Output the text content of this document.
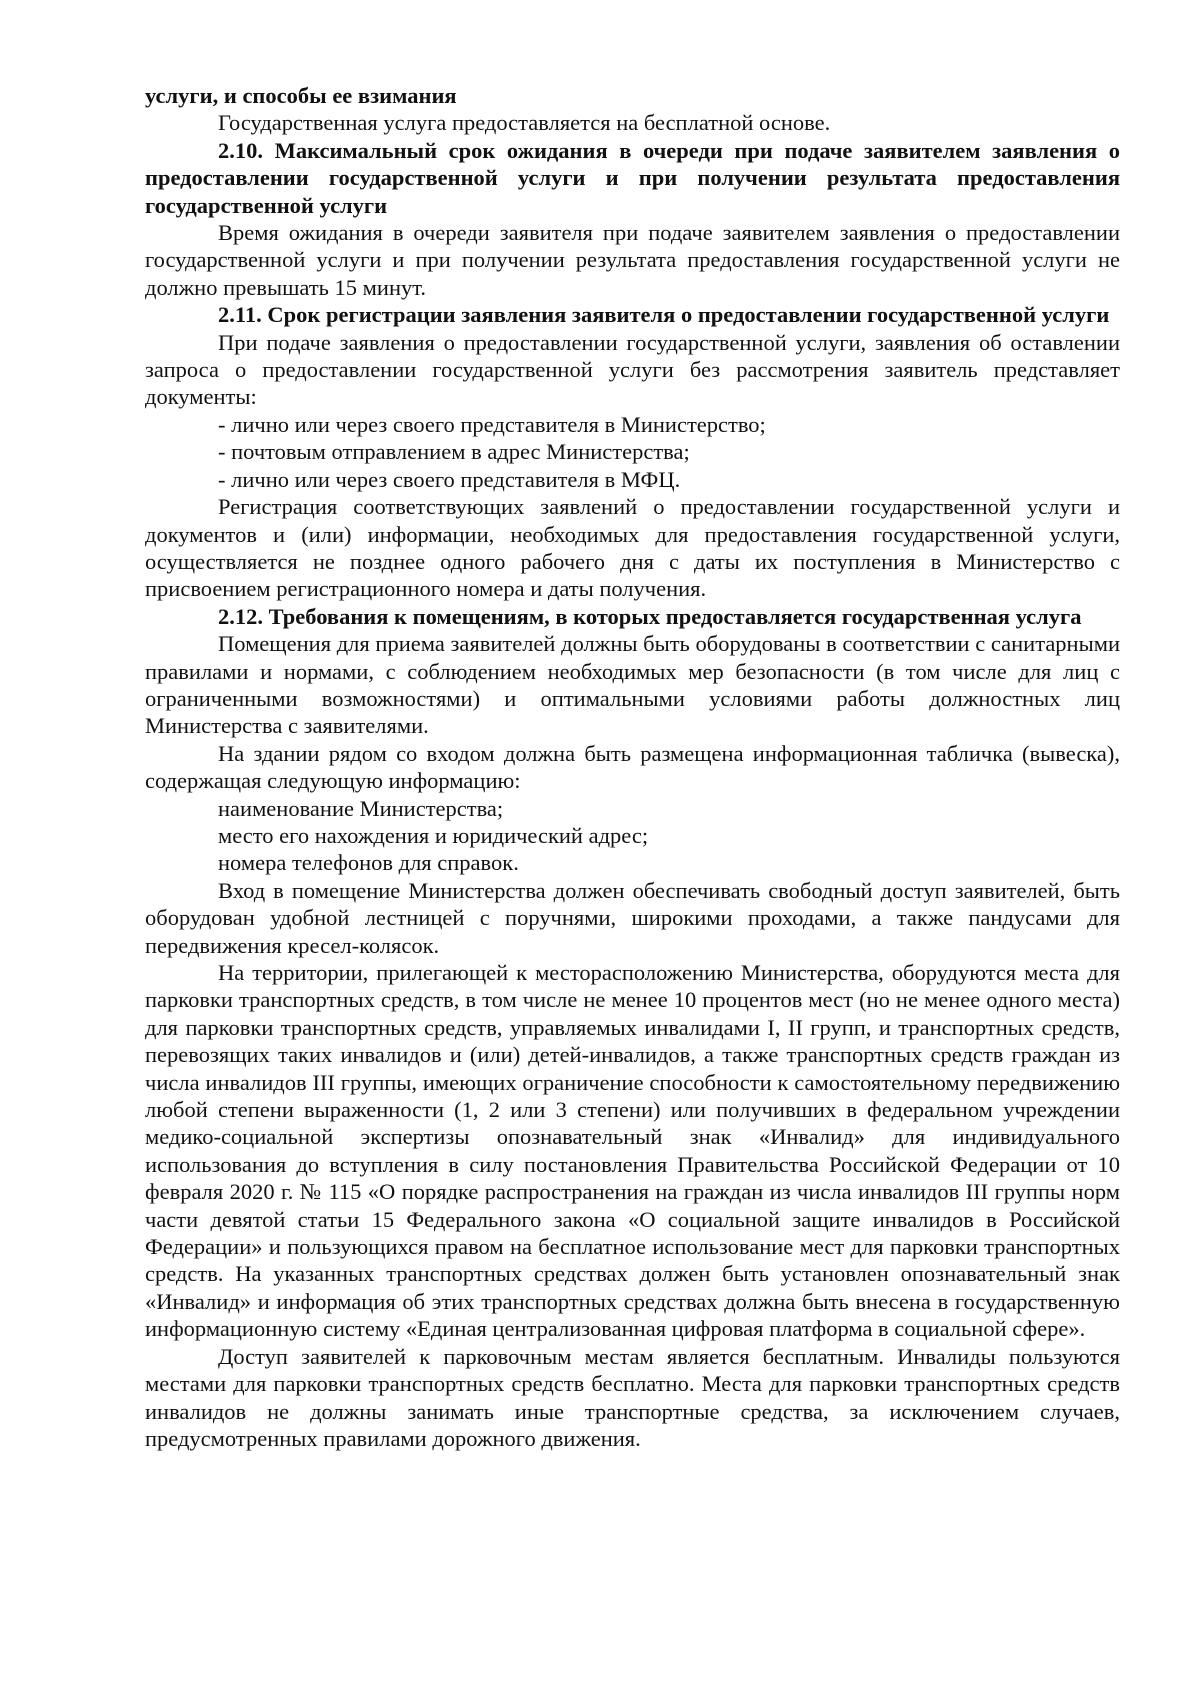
услуги, и способы ее взимания

Государственная услуга предоставляется на бесплатной основе.

2.10. Максимальный срок ожидания в очереди при подаче заявителем заявления о предоставлении государственной услуги и при получении результата предоставления государственной услуги

Время ожидания в очереди заявителя при подаче заявителем заявления о предоставлении государственной услуги и при получении результата предоставления государственной услуги не должно превышать 15 минут.

2.11. Срок регистрации заявления заявителя о предоставлении государственной услуги

При подаче заявления о предоставлении государственной услуги, заявления об оставлении запроса о предоставлении государственной услуги без рассмотрения заявитель представляет документы:

- лично или через своего представителя в Министерство;

- почтовым отправлением в адрес Министерства;

- лично или через своего представителя в МФЦ.

Регистрация соответствующих заявлений о предоставлении государственной услуги и документов и (или) информации, необходимых для предоставления государственной услуги, осуществляется не позднее одного рабочего дня с даты их поступления в Министерство с присвоением регистрационного номера и даты получения.

2.12. Требования к помещениям, в которых предоставляется государственная услуга

Помещения для приема заявителей должны быть оборудованы в соответствии с санитарными правилами и нормами, с соблюдением необходимых мер безопасности (в том числе для лиц с ограниченными возможностями) и оптимальными условиями работы должностных лиц Министерства с заявителями.

На здании рядом со входом должна быть размещена информационная табличка (вывеска), содержащая следующую информацию:

наименование Министерства;

место его нахождения и юридический адрес;

номера телефонов для справок.

Вход в помещение Министерства должен обеспечивать свободный доступ заявителей, быть оборудован удобной лестницей с поручнями, широкими проходами, а также пандусами для передвижения кресел-колясок.

На территории, прилегающей к месторасположению Министерства, оборудуются места для парковки транспортных средств, в том числе не менее 10 процентов мест (но не менее одного места) для парковки транспортных средств, управляемых инвалидами I, II групп, и транспортных средств, перевозящих таких инвалидов и (или) детей-инвалидов, а также транспортных средств граждан из числа инвалидов III группы, имеющих ограничение способности к самостоятельному передвижению любой степени выраженности (1, 2 или 3 степени) или получивших в федеральном учреждении медико-социальной экспертизы опознавательный знак «Инвалид» для индивидуального использования до вступления в силу постановления Правительства Российской Федерации от 10 февраля 2020 г. № 115 «О порядке распространения на граждан из числа инвалидов III группы норм части девятой статьи 15 Федерального закона «О социальной защите инвалидов в Российской Федерации» и пользующихся правом на бесплатное использование мест для парковки транспортных средств. На указанных транспортных средствах должен быть установлен опознавательный знак «Инвалид» и информация об этих транспортных средствах должна быть внесена в государственную информационную систему «Единая централизованная цифровая платформа в социальной сфере».

Доступ заявителей к парковочным местам является бесплатным. Инвалиды пользуются местами для парковки транспортных средств бесплатно. Места для парковки транспортных средств инвалидов не должны занимать иные транспортные средства, за исключением случаев, предусмотренных правилами дорожного движения.
